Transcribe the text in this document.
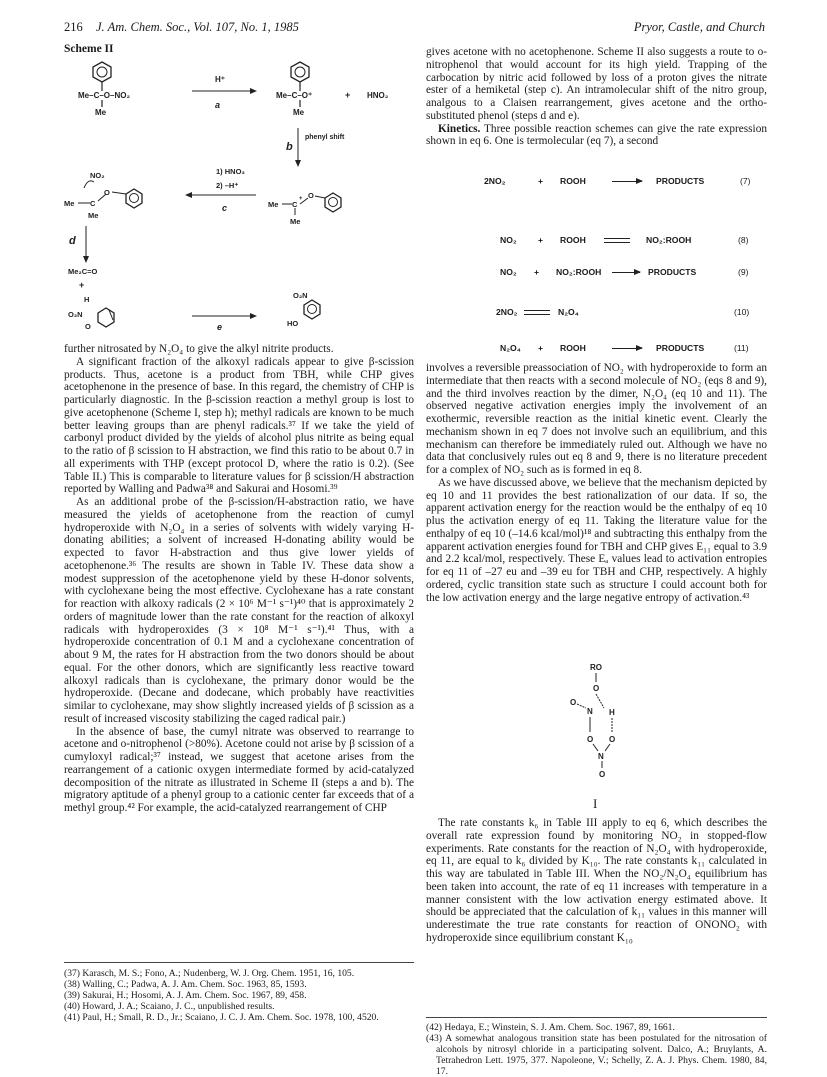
216 J. Am. Chem. Soc., Vol. 107, No. 1, 1985	Pryor, Castle, and Church
Scheme II
Me–C–O–NO₂
Me
H⁺
a
Me–C–O⁺
Me
+ HNO₂
b
phenyl shift
NO₂
Me C
O
Me
1) HNO₃
2) –H⁺
c	Me C
+ O
Me
d
Me₂C=O
+
H
O₂N
O	e
O₂N
HO

further nitrosated by N₂O₄ to give the alkyl nitrite products.

A significant fraction of the alkoxyl radicals appear to give β-scission products. Thus, acetone is a product from TBH, while CHP gives acetophenone in the presence of base. In this regard, the chemistry of CHP is particularly diagnostic. In the β-scission reaction a methyl group is lost to give acetophenone (Scheme I, step h); methyl radicals are known to be much better leaving groups than are phenyl radicals.³⁷ If we take the yield of carbonyl product divided by the yields of alcohol plus nitrite as being equal to the ratio of β scission to H abstraction, we find this ratio to be about 0.7 in all experiments with THP (except protocol D, where the ratio is 0.2). (See Table II.) This is comparable to literature values for β scission/H abstraction reported by Walling and Padwa³⁸ and Sakurai and Hosomi.³⁹

As an additional probe of the β-scission/H-abstraction ratio, we have measured the yields of acetophenone from the reaction of cumyl hydroperoxide with N₂O₄ in a series of solvents with widely varying H-donating abilities; a solvent of increased H-donating ability would be expected to favor H-abstraction and thus give lower yields of acetophenone.³⁶ The results are shown in Table IV. These data show a modest suppression of the acetophenone yield by these H-donor solvents, with cyclohexane being the most effective. Cyclohexane has a rate constant for reaction with alkoxy radicals (2 × 10⁶ M⁻¹ s⁻¹)⁴⁰ that is approximately 2 orders of magnitude lower than the rate constant for the reaction of alkoxyl radicals with hydroperoxides (3 × 10⁸ M⁻¹ s⁻¹).⁴¹ Thus, with a hydroperoxide concentration of 0.1 M and a cyclohexane concentration of about 9 M, the rates for H abstraction from the two donors should be about equal. For the other donors, which are significantly less reactive toward alkoxyl radicals than is cyclohexane, the primary donor would be the hydroperoxide. (Decane and dodecane, which probably have reactivities similar to cyclohexane, may show slightly increased yields of β scission as a result of increased viscosity stabilizing the caged radical pair.)

In the absence of base, the cumyl nitrate was observed to rearrange to acetone and o-nitrophenol (>80%). Acetone could not arise by β scission of a cumyloxyl radical;³⁷ instead, we suggest that acetone arises from the rearrangement of a cationic oxygen intermediate formed by acid-catalyzed decomposition of the nitrate as illustrated in Scheme II (steps a and b). The migratory aptitude of a phenyl group to a cationic center far exceeds that of a methyl group.⁴² For example, the acid-catalyzed rearrangement of CHP

(37) Karasch, M. S.; Fono, A.; Nudenberg, W. J. Org. Chem. 1951, 16, 105.
(38) Walling, C.; Padwa, A. J. Am. Chem. Soc. 1963, 85, 1593.
(39) Sakurai, H.; Hosomi, A. J. Am. Chem. Soc. 1967, 89, 458.
(40) Howard, J. A.; Scaiano, J. C., unpublished results.
(41) Paul, H.; Small, R. D., Jr.; Scaiano, J. C. J. Am. Chem. Soc. 1978, 100, 4520.

gives acetone with no acetophenone. Scheme II also suggests a route to o-nitrophenol that would account for its high yield. Trapping of the carbocation by nitric acid followed by loss of a proton gives the nitrate ester of a hemiketal (step c). An intramolecular shift of the nitro group, analgous to a Claisen rearrangement, gives acetone and the ortho-substituted phenol (steps d and e).

Kinetics. Three possible reaction schemes can give the rate expression shown in eq 6. One is termolecular (eq 7), a second

2NO₂	+ ROOH	PRODUCTS	(7)
NO₂ + ROOH	NO₂:ROOH	(8)
NO₂ + NO₂:ROOH	PRODUCTS	(9)
2NO₂	N₂O₄	(10)
N₂O₄ + ROOH	PRODUCTS	(11)

involves a reversible preassociation of NO₂ with hydroperoxide to form an intermediate that then reacts with a second molecule of NO₂ (eqs 8 and 9), and the third involves reaction by the dimer, N₂O₄ (eq 10 and 11). The observed negative activation energies imply the involvement of an exothermic, reversible reaction as the initial kinetic event. Clearly the mechanism shown in eq 7 does not involve such an equilibrium, and this mechanism can therefore be immediately ruled out. Although we have no data that conclusively rules out eq 8 and 9, there is no literature precedent for a complex of NO₂ such as is formed in eq 8.

As we have discussed above, we believe that the mechanism depicted by eq 10 and 11 provides the best rationalization of our data. If so, the apparent activation energy for the reaction would be the enthalpy of eq 10 plus the activation energy of eq 11. Taking the literature value for the enthalpy of eq 10 (–14.6 kcal/mol)¹⁸ and subtracting this enthalpy from the apparent activation energies found for TBH and CHP gives E₁₁ equal to 3.9 and 2.2 kcal/mol, respectively. These Eₐ values lead to activation entropies for eq 11 of –27 eu and –39 eu for TBH and CHP, respectively. A highly ordered, cyclic transition state such as structure I could account both for the low activation energy and the large negative entropy of activation.⁴³

RO
O
O
N H
O O
N
O
I

The rate constants k₆ in Table III apply to eq 6, which describes the overall rate expression found by monitoring NO₂ in stopped-flow experiments. Rate constants for the reaction of N₂O₄ with hydroperoxide, eq 11, are equal to k₆ divided by K₁₀. The rate constants k₁₁ calculated in this way are tabulated in Table III. When the NO₂/N₂O₄ equilibrium has been taken into account, the rate of eq 11 increases with temperature in a manner consistent with the low activation energy estimated above. It should be appreciated that the calculation of k₁₁ values in this manner will underestimate the true rate constants for reaction of ONONO₂ with hydroperoxide since equilibrium constant K₁₀

(42) Hedaya, E.; Winstein, S. J. Am. Chem. Soc. 1967, 89, 1661.
(43) A somewhat analogous transition state has been postulated for the nitrosation of alcohols by nitrosyl chloride in a participating solvent. Dalco, A.; Bruylants, A. Tetrahedron Lett. 1975, 377. Napoleone, V.; Schelly, Z. A. J. Phys. Chem. 1980, 84, 17.
